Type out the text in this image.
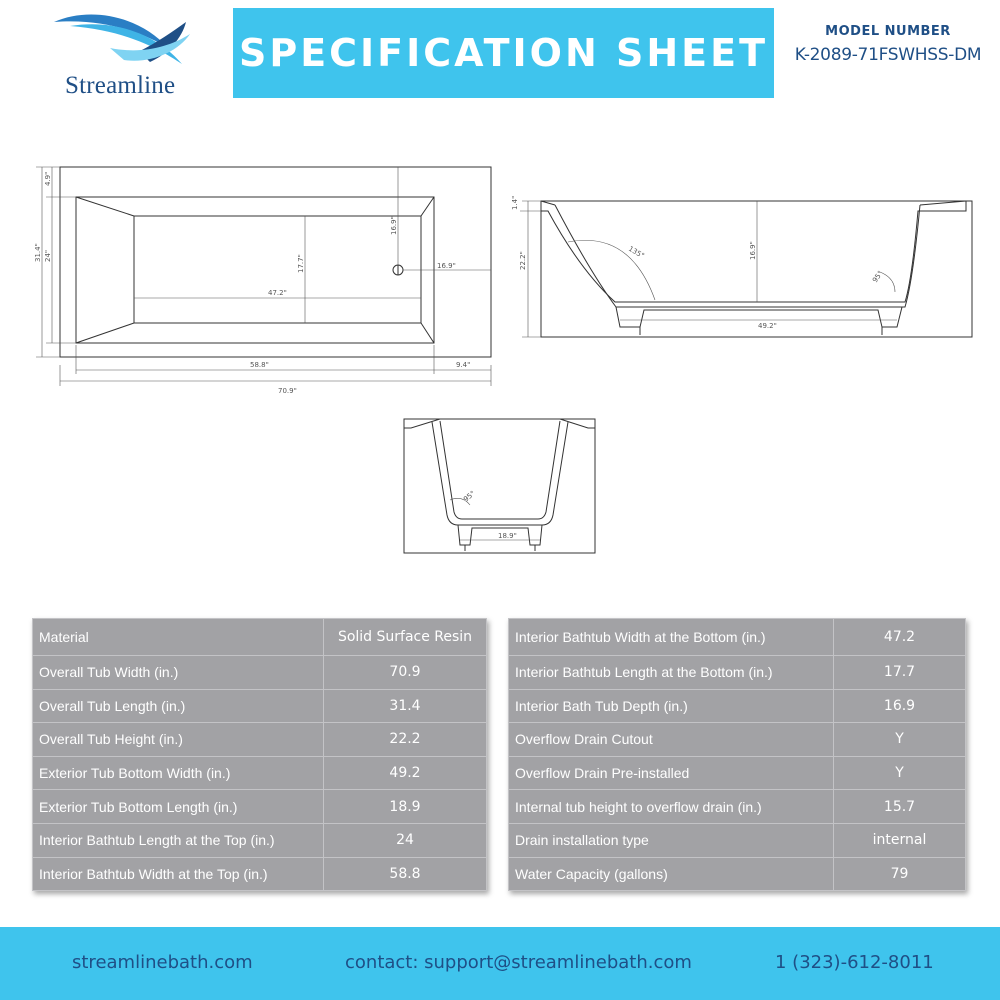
Streamline
SPECIFICATION SHEET	MODEL NUMBER
K-2089-71FSWHSS-DM
31.4" 24"
4.9"
70.9"
58.8"	9.4"
47.2"
17.7"
16.9"
16.9"	22.2"
1.4"
16.9"
135°
95°
49.2"
95°
18.9"
Material	Solid Surface Resin
Overall Tub Width (in.)	70.9
Overall Tub Length (in.)	31.4
Overall Tub Height (in.)	22.2
Exterior Tub Bottom Width (in.)	49.2
Exterior Tub Bottom Length (in.)	18.9
Interior Bathtub Length at the Top (in.)	24
Interior Bathtub Width at the Top (in.)	58.8
Interior Bathtub Width at the Bottom (in.)	47.2
Interior Bathtub Length at the Bottom (in.)	17.7
Interior Bath Tub Depth (in.)	16.9
Overflow Drain Cutout	Y
Overflow Drain Pre-installed	Y
Internal tub height to overflow drain (in.)	15.7
Drain installation type	internal
Water Capacity (gallons)	79
streamlinebath.com	contact: support@streamlinebath.com	1 (323)-612-8011
